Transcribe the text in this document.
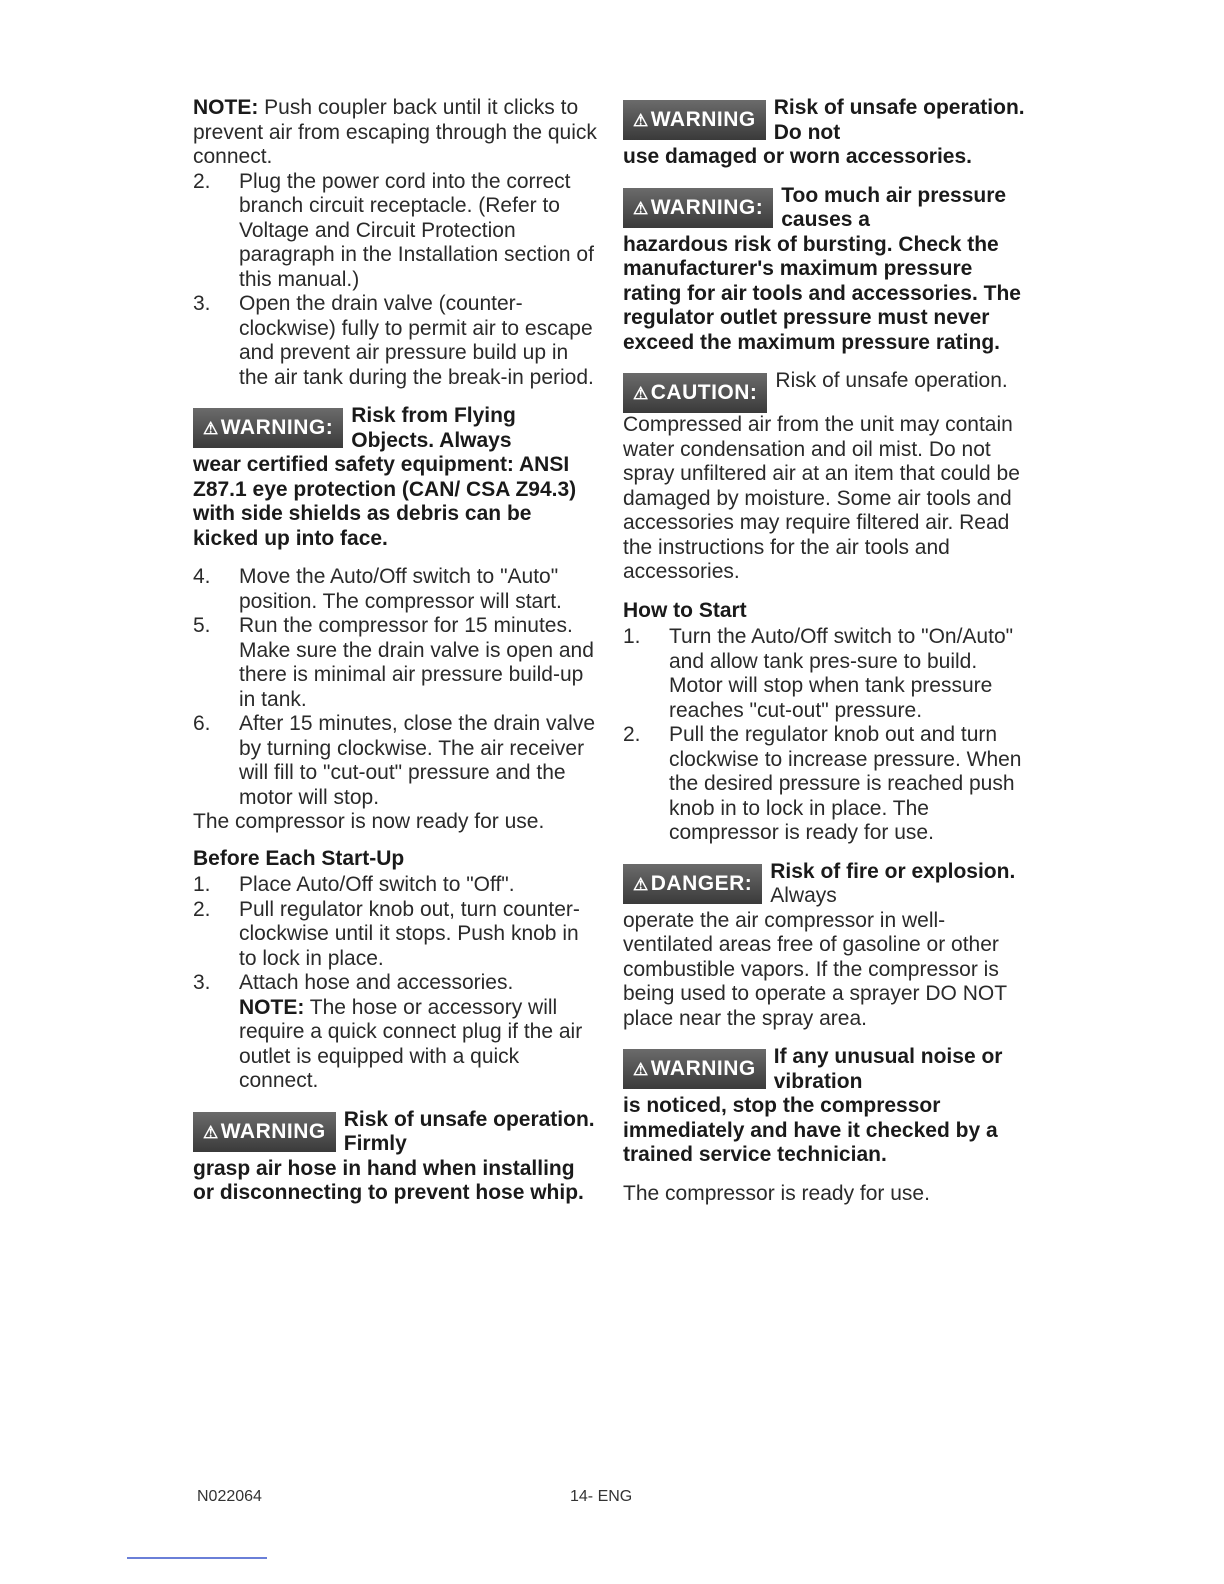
NOTE: Push coupler back until it clicks to prevent air from escaping through the quick connect.

2. Plug the power cord into the correct branch circuit receptacle. (Refer to Voltage and Circuit Protection paragraph in the Installation section of this manual.)
3. Open the drain valve (counter-clockwise) fully to permit air to escape and prevent air pressure build up in the air tank during the break-in period.
⚠WARNING:
Risk from Flying Objects. Always
wear certified safety equipment: ANSI Z87.1 eye protection (CAN/ CSA Z94.3) with side shields as debris can be kicked up into face.
4. Move the Auto/Off switch to "Auto" position. The compressor will start.
5. Run the compressor for 15 minutes. Make sure the drain valve is open and there is minimal air pressure build-up in tank.
6. After 15 minutes, close the drain valve by turning clockwise. The air receiver will fill to "cut-out" pressure and the motor will stop.

The compressor is now ready for use.

Before Each Start-Up
1. Place Auto/Off switch to "Off".
2. Pull regulator knob out, turn counter-clockwise until it stops. Push knob in to lock in place.
3. Attach hose and accessories.
NOTE: The hose or accessory will require a quick connect plug if the air outlet is equipped with a quick connect.
⚠WARNING
Risk of unsafe operation. Firmly
grasp air hose in hand when installing or disconnecting to prevent hose whip.
⚠WARNING
Risk of unsafe operation. Do not
use damaged or worn accessories.
⚠WARNING:
Too much air pressure causes a
hazardous risk of bursting. Check the manufacturer's maximum pressure rating for air tools and accessories. The regulator outlet pressure must never exceed the maximum pressure rating.
⚠CAUTION:
Risk of unsafe operation.
Compressed air from the unit may contain water condensation and oil mist. Do not spray unfiltered air at an item that could be damaged by moisture. Some air tools and accessories may require filtered air. Read the instructions for the air tools and accessories.
How to Start
1. Turn the Auto/Off switch to "On/Auto" and allow tank pres-sure to build. Motor will stop when tank pressure reaches "cut-out" pressure.
2. Pull the regulator knob out and turn clockwise to increase pressure. When the desired pressure is reached push knob in to lock in place. The compressor is ready for use.
⚠DANGER:
Risk of fire or explosion. Always
operate the air compressor in well-ventilated areas free of gasoline or other combustible vapors. If the compressor is being used to operate a sprayer DO NOT place near the spray area.
⚠WARNING
If any unusual noise or vibration
is noticed, stop the compressor immediately and have it checked by a trained service technician.

The compressor is ready for use.

N022064	14- ENG
